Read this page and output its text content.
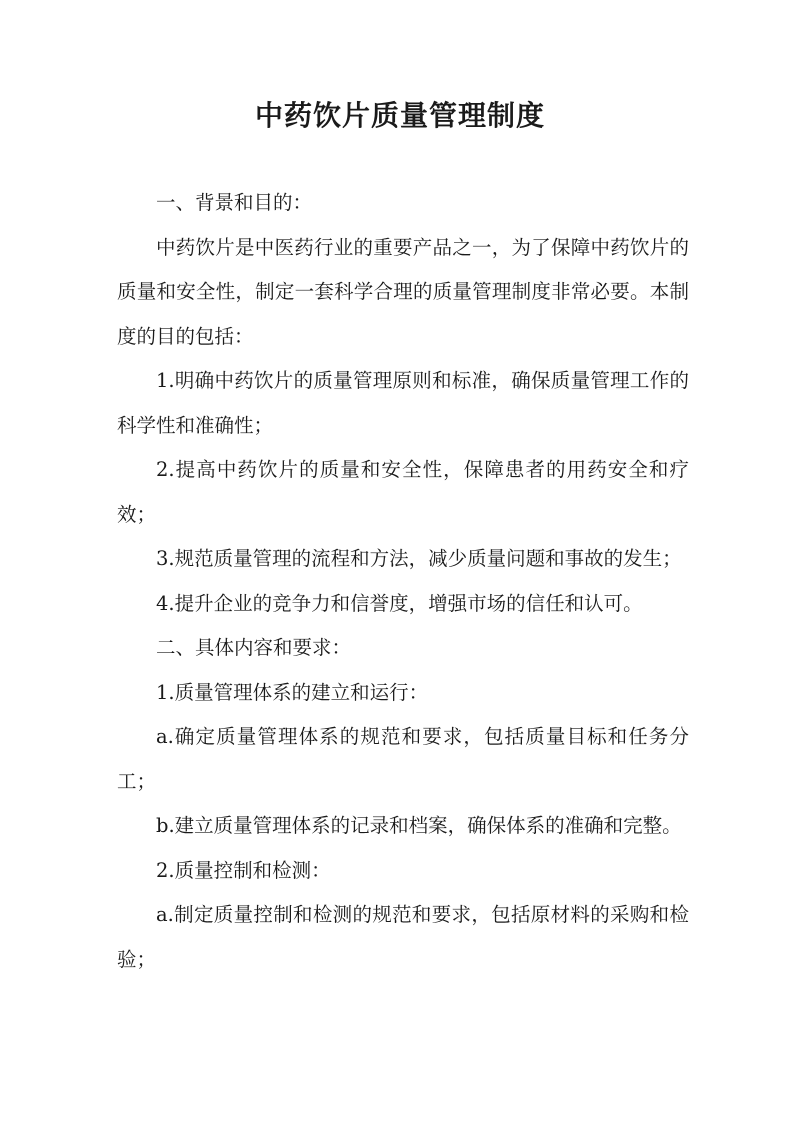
中药饮片质量管理制度

一、背景和目的：

中药饮片是中医药行业的重要产品之一，为了保障中药饮片的质量和安全性，制定一套科学合理的质量管理制度非常必要。本制度的目的包括：

1.明确中药饮片的质量管理原则和标准，确保质量管理工作的科学性和准确性；

2.提高中药饮片的质量和安全性，保障患者的用药安全和疗效；

3.规范质量管理的流程和方法，减少质量问题和事故的发生；

4.提升企业的竞争力和信誉度，增强市场的信任和认可。

二、具体内容和要求：

1.质量管理体系的建立和运行：

a.确定质量管理体系的规范和要求，包括质量目标和任务分工；

b.建立质量管理体系的记录和档案，确保体系的准确和完整。

2.质量控制和检测：

a.制定质量控制和检测的规范和要求，包括原材料的采购和检验；
